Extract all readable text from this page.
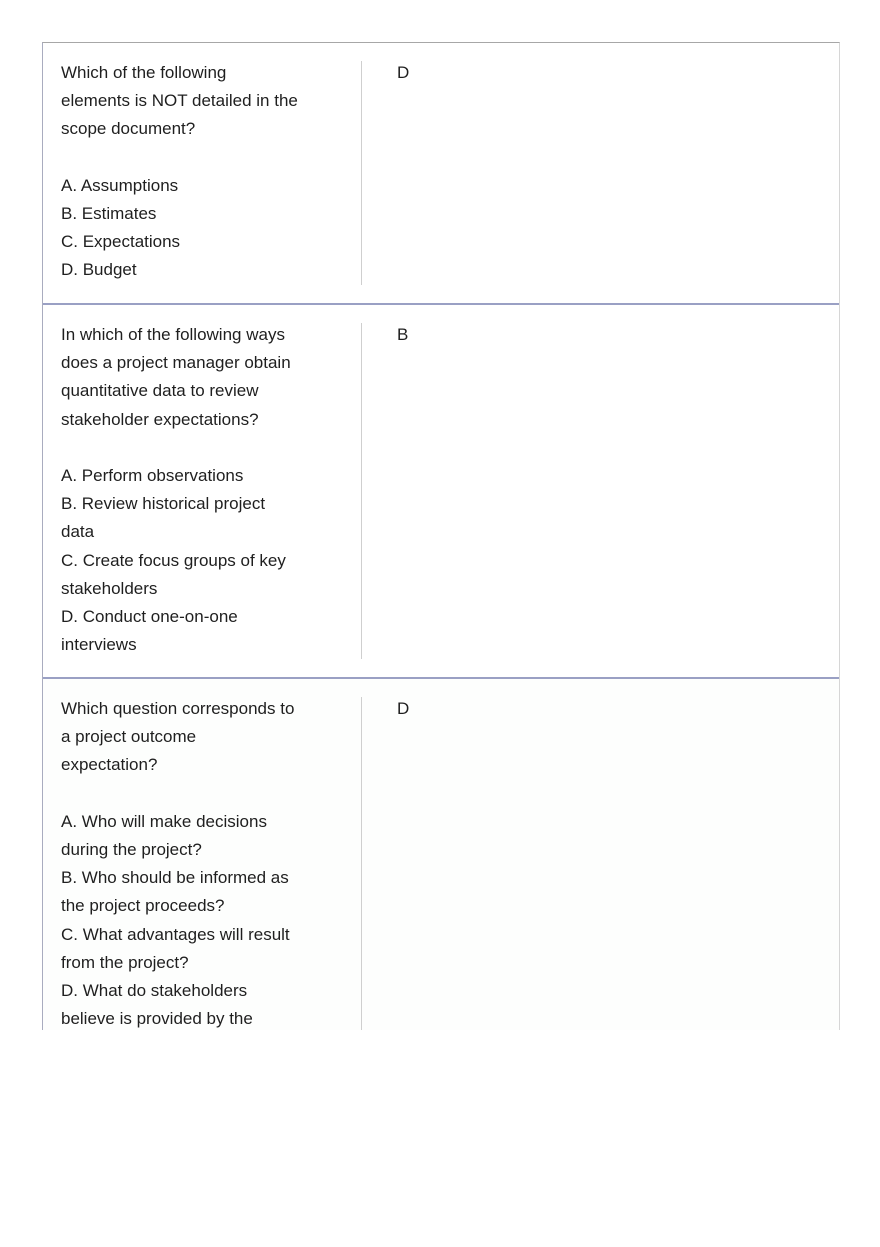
Which of the following
elements is NOT detailed in the
scope document?
A. Assumptions
B. Estimates
C. Expectations
D. Budget
D
In which of the following ways
does a project manager obtain
quantitative data to review
stakeholder expectations?
A. Perform observations
B. Review historical project
data
C. Create focus groups of key
stakeholders
D. Conduct one-on-one
interviews
B
Which question corresponds to
a project outcome
expectation?
A. Who will make decisions
during the project?
B. Who should be informed as
the project proceeds?
C. What advantages will result
from the project?
D. What do stakeholders
believe is provided by the
D
